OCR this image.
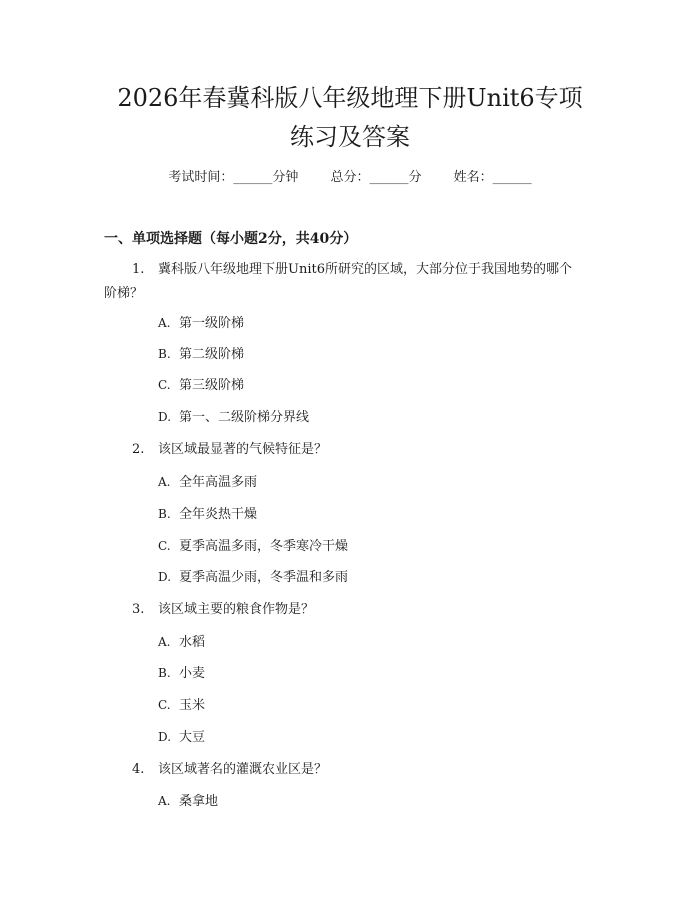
2026年春冀科版八年级地理下册Unit6专项
练习及答案
考试时间：______分钟 总分：______分 姓名：______
一、单项选择题（每小题2分，共40分）
1. 冀科版八年级地理下册Unit6所研究的区域，大部分位于我国地势的哪个
阶梯？
A. 第一级阶梯
B. 第二级阶梯
C. 第三级阶梯
D. 第一、二级阶梯分界线
2. 该区域最显著的气候特征是？
A. 全年高温多雨
B. 全年炎热干燥
C. 夏季高温多雨，冬季寒冷干燥
D. 夏季高温少雨，冬季温和多雨
3. 该区域主要的粮食作物是？
A. 水稻
B. 小麦
C. 玉米
D. 大豆
4. 该区域著名的灌溉农业区是？
A. 桑拿地
